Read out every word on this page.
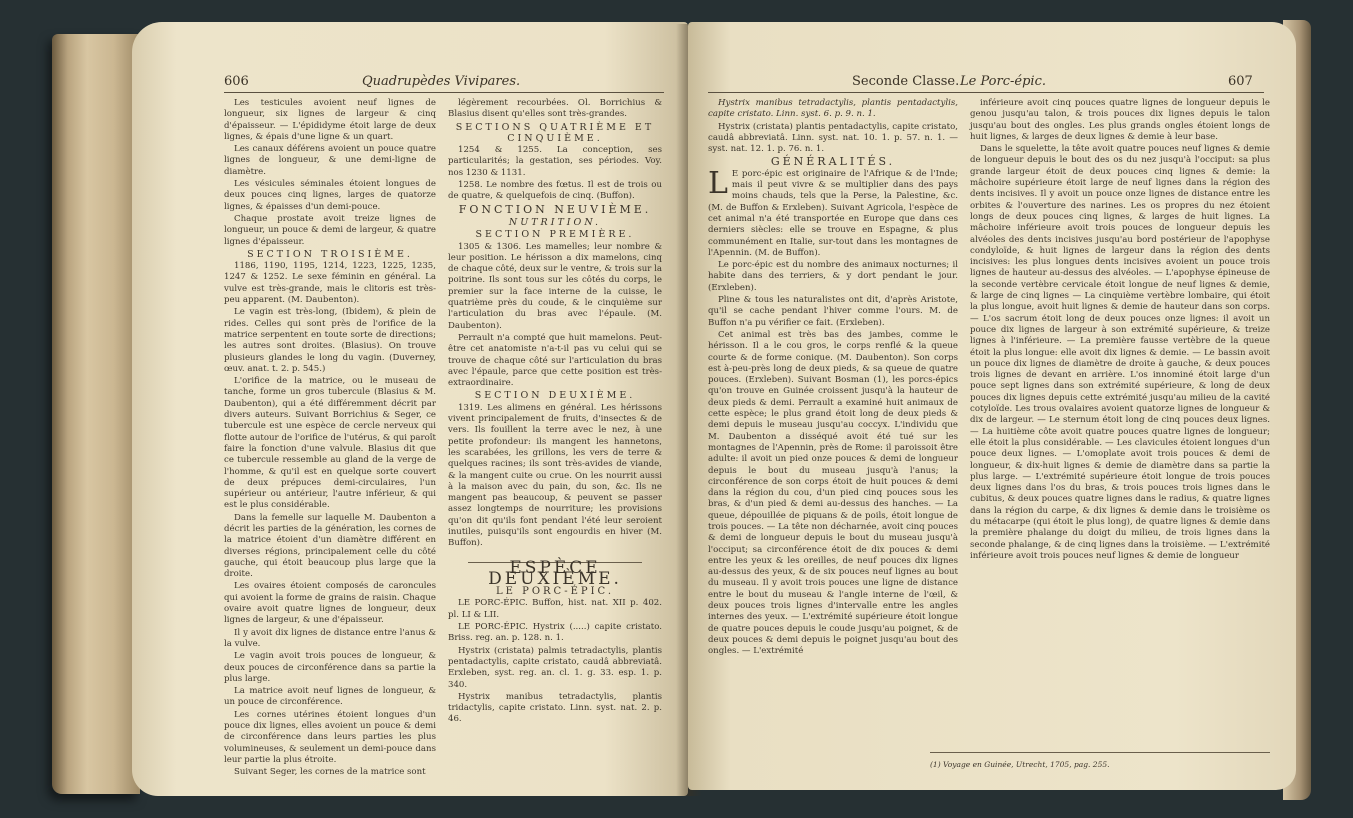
606	Quadrupèdes Vivipares.

Les testicules avoient neuf lignes de longueur, six lignes de largeur & cinq d'épaisseur. — L'épididyme étoit large de deux lignes, & épais d'une ligne & un quart.

Les canaux déférens avoient un pouce quatre lignes de longueur, & une demi-ligne de diamètre.

Les vésicules séminales étoient longues de deux pouces cinq lignes, larges de quatorze lignes, & épaisses d'un demi-pouce.

Chaque prostate avoit treize lignes de longueur, un pouce & demi de largeur, & quatre lignes d'épaisseur.

SECTION TROISIÈME.

1186, 1190, 1195, 1214, 1223, 1225, 1235, 1247 & 1252. Le sexe féminin en général. La vulve est très-grande, mais le clitoris est très-peu apparent. (M. Daubenton).

Le vagin est très-long, (Ibidem), & plein de rides. Celles qui sont près de l'orifice de la matrice serpentent en toute sorte de directions; les autres sont droites. (Blasius). On trouve plusieurs glandes le long du vagin. (Duverney, œuv. anat. t. 2. p. 545.)

L'orifice de la matrice, ou le museau de tanche, forme un gros tubercule (Blasius & M. Daubenton), qui a été différemment décrit par divers auteurs. Suivant Borrichius & Seger, ce tubercule est une espèce de cercle nerveux qui flotte autour de l'orifice de l'utérus, & qui paroît faire la fonction d'une valvule. Blasius dit que ce tubercule ressemble au gland de la verge de l'homme, & qu'il est en quelque sorte couvert de deux prépuces demi-circulaires, l'un supérieur ou antérieur, l'autre inférieur, & qui est le plus considérable.

Dans la femelle sur laquelle M. Daubenton a décrit les parties de la génération, les cornes de la matrice étoient d'un diamètre différent en diverses régions, principalement celle du côté gauche, qui étoit beaucoup plus large que la droite.

Les ovaires étoient composés de caroncules qui avoient la forme de grains de raisin. Chaque ovaire avoit quatre lignes de longueur, deux lignes de largeur, & une d'épaisseur.

Il y avoit dix lignes de distance entre l'anus & la vulve.

Le vagin avoit trois pouces de longueur, & deux pouces de circonférence dans sa partie la plus large.

La matrice avoit neuf lignes de longueur, & un pouce de circonférence.

Les cornes utérines étoient longues d'un pouce dix lignes, elles avoient un pouce & demi de circonférence dans leurs parties les plus volumineuses, & seulement un demi-pouce dans leur partie la plus étroite.

Suivant Seger, les cornes de la matrice sont

légèrement recourbées. Ol. Borrichius & Blasius disent qu'elles sont très-grandes.

SECTIONS QUATRIÈME ET CINQUIÈME.

1254 & 1255. La conception, ses particularités; la gestation, ses périodes. Voy. nos 1230 & 1131.

1258. Le nombre des fœtus. Il est de trois ou de quatre, & quelquefois de cinq. (Buffon).

FONCTION NEUVIÈME.

NUTRITION.

SECTION PREMIÈRE.

1305 & 1306. Les mamelles; leur nombre & leur position. Le hérisson a dix mamelons, cinq de chaque côté, deux sur le ventre, & trois sur la poitrine. Ils sont tous sur les côtés du corps, le premier sur la face interne de la cuisse, le quatrième près du coude, & le cinquième sur l'articulation du bras avec l'épaule. (M. Daubenton).

Perrault n'a compté que huit mamelons. Peut-être cet anatomiste n'a-t-il pas vu celui qui se trouve de chaque côté sur l'articulation du bras avec l'épaule, parce que cette position est très-extraordinaire.

SECTION DEUXIÈME.

1319. Les alimens en général. Les hérissons vivent principalement de fruits, d'insectes & de vers. Ils fouillent la terre avec le nez, à une petite profondeur: ils mangent les hannetons, les scarabées, les grillons, les vers de terre & quelques racines; ils sont très-avides de viande, & la mangent cuite ou crue. On les nourrit aussi à la maison avec du pain, du son, &c. Ils ne mangent pas beaucoup, & peuvent se passer assez longtemps de nourriture; les provisions qu'on dit qu'ils font pendant l'été leur seroient inutiles, puisqu'ils sont engourdis en hiver (M. Buffon).

ESPÈCE DEUXIÈME.

LE PORC-ÉPIC.

LE PORC-ÉPIC. Buffon, hist. nat. XII p. 402. pl. LI & LII.

LE PORC-ÉPIC. Hystrix (.....) capite cristato. Briss. reg. an. p. 128. n. 1.

Hystrix (cristata) palmis tetradactylis, plantis pentadactylis, capite cristato, caudâ abbreviatâ. Erxleben, syst. reg. an. cl. 1. g. 33. esp. 1. p. 340.

Hystrix manibus tetradactylis, plantis tridactylis, capite cristato. Linn. syst. nat. 2. p. 46.

Seconde Classe. Le Porc-épic.	607

Hystrix manibus tetradactylis, plantis pentadactylis, capite cristato. Linn. syst. 6. p. 9. n. 1.

Hystrix (cristata) plantis pentadactylis, capite cristato, caudâ abbreviatâ. Linn. syst. nat. 10. 1. p. 57. n. 1. — syst. nat. 12. 1. p. 76. n. 1.

GÉNÉRALITÉS.

L E porc-épic est originaire de l'Afrique & de l'Inde; mais il peut vivre & se multiplier dans des pays moins chauds, tels que la Perse, la Palestine, &c. (M. de Buffon & Erxleben). Suivant Agricola, l'espèce de cet animal n'a été transportée en Europe que dans ces derniers siècles: elle se trouve en Espagne, & plus communément en Italie, sur-tout dans les montagnes de l'Apennin. (M. de Buffon).

Le porc-épic est du nombre des animaux nocturnes; il habite dans des terriers, & y dort pendant le jour. (Erxleben).

Pline & tous les naturalistes ont dit, d'après Aristote, qu'il se cache pendant l'hiver comme l'ours. M. de Buffon n'a pu vérifier ce fait. (Erxleben).

Cet animal est très bas des jambes, comme le hérisson. Il a le cou gros, le corps renflé & la queue courte & de forme conique. (M. Daubenton). Son corps est à-peu-près long de deux pieds, & sa queue de quatre pouces. (Erxleben). Suivant Bosman (1), les porcs-épics qu'on trouve en Guinée croissent jusqu'à la hauteur de deux pieds & demi. Perrault a examiné huit animaux de cette espèce; le plus grand étoit long de deux pieds & demi depuis le museau jusqu'au coccyx. L'individu que M. Daubenton a disséqué avoit été tué sur les montagnes de l'Apennin, près de Rome: il paroissoit être adulte: il avoit un pied onze pouces & demi de longueur depuis le bout du museau jusqu'à l'anus; la circonférence de son corps étoit de huit pouces & demi dans la région du cou, d'un pied cinq pouces sous les bras, & d'un pied & demi au-dessus des hanches. — La queue, dépouillée de piquans & de poils, étoit longue de trois pouces. — La tête non décharnée, avoit cinq pouces & demi de longueur depuis le bout du museau jusqu'à l'occiput; sa circonférence étoit de dix pouces & demi entre les yeux & les oreilles, de neuf pouces dix lignes au-dessus des yeux, & de six pouces neuf lignes au bout du museau. Il y avoit trois pouces une ligne de distance entre le bout du museau & l'angle interne de l'œil, & deux pouces trois lignes d'intervalle entre les angles internes des yeux. — L'extrémité supérieure étoit longue de quatre pouces depuis le coude jusqu'au poignet, & de deux pouces & demi depuis le poignet jusqu'au bout des ongles. — L'extrémité

inférieure avoit cinq pouces quatre lignes de longueur depuis le genou jusqu'au talon, & trois pouces dix lignes depuis le talon jusqu'au bout des ongles. Les plus grands ongles étoient longs de huit lignes, & larges de deux lignes & demie à leur base.

Dans le squelette, la tête avoit quatre pouces neuf lignes & demie de longueur depuis le bout des os du nez jusqu'à l'occiput: sa plus grande largeur étoit de deux pouces cinq lignes & demie: la mâchoire supérieure étoit large de neuf lignes dans la région des dents incisives. Il y avoit un pouce onze lignes de distance entre les orbites & l'ouverture des narines. Les os propres du nez étoient longs de deux pouces cinq lignes, & larges de huit lignes. La mâchoire inférieure avoit trois pouces de longueur depuis les alvéoles des dents incisives jusqu'au bord postérieur de l'apophyse condyloïde, & huit lignes de largeur dans la région des dents incisives: les plus longues dents incisives avoient un pouce trois lignes de hauteur au-dessus des alvéoles. — L'apophyse épineuse de la seconde vertèbre cervicale étoit longue de neuf lignes & demie, & large de cinq lignes — La cinquième vertèbre lombaire, qui étoit la plus longue, avoit huit lignes & demie de hauteur dans son corps. — L'os sacrum étoit long de deux pouces onze lignes: il avoit un pouce dix lignes de largeur à son extrémité supérieure, & treize lignes à l'inférieure. — La première fausse vertèbre de la queue étoit la plus longue: elle avoit dix lignes & demie. — Le bassin avoit un pouce dix lignes de diamètre de droite à gauche, & deux pouces trois lignes de devant en arrière. L'os innominé étoit large d'un pouce sept lignes dans son extrémité supérieure, & long de deux pouces dix lignes depuis cette extrémité jusqu'au milieu de la cavité cotyloïde. Les trous ovalaires avoient quatorze lignes de longueur & dix de largeur. — Le sternum étoit long de cinq pouces deux lignes. — La huitième côte avoit quatre pouces quatre lignes de longueur; elle étoit la plus considérable. — Les clavicules étoient longues d'un pouce deux lignes. — L'omoplate avoit trois pouces & demi de longueur, & dix-huit lignes & demie de diamètre dans sa partie la plus large. — L'extrémité supérieure étoit longue de trois pouces deux lignes dans l'os du bras, & trois pouces trois lignes dans le cubitus, & deux pouces quatre lignes dans le radius, & quatre lignes dans la région du carpe, & dix lignes & demie dans le troisième os du métacarpe (qui étoit le plus long), de quatre lignes & demie dans la première phalange du doigt du milieu, de trois lignes dans la seconde phalange, & de cinq lignes dans la troisième. — L'extrémité inférieure avoit trois pouces neuf lignes & demie de longueur

(1) Voyage en Guinée, Utrecht, 1705, pag. 255.
